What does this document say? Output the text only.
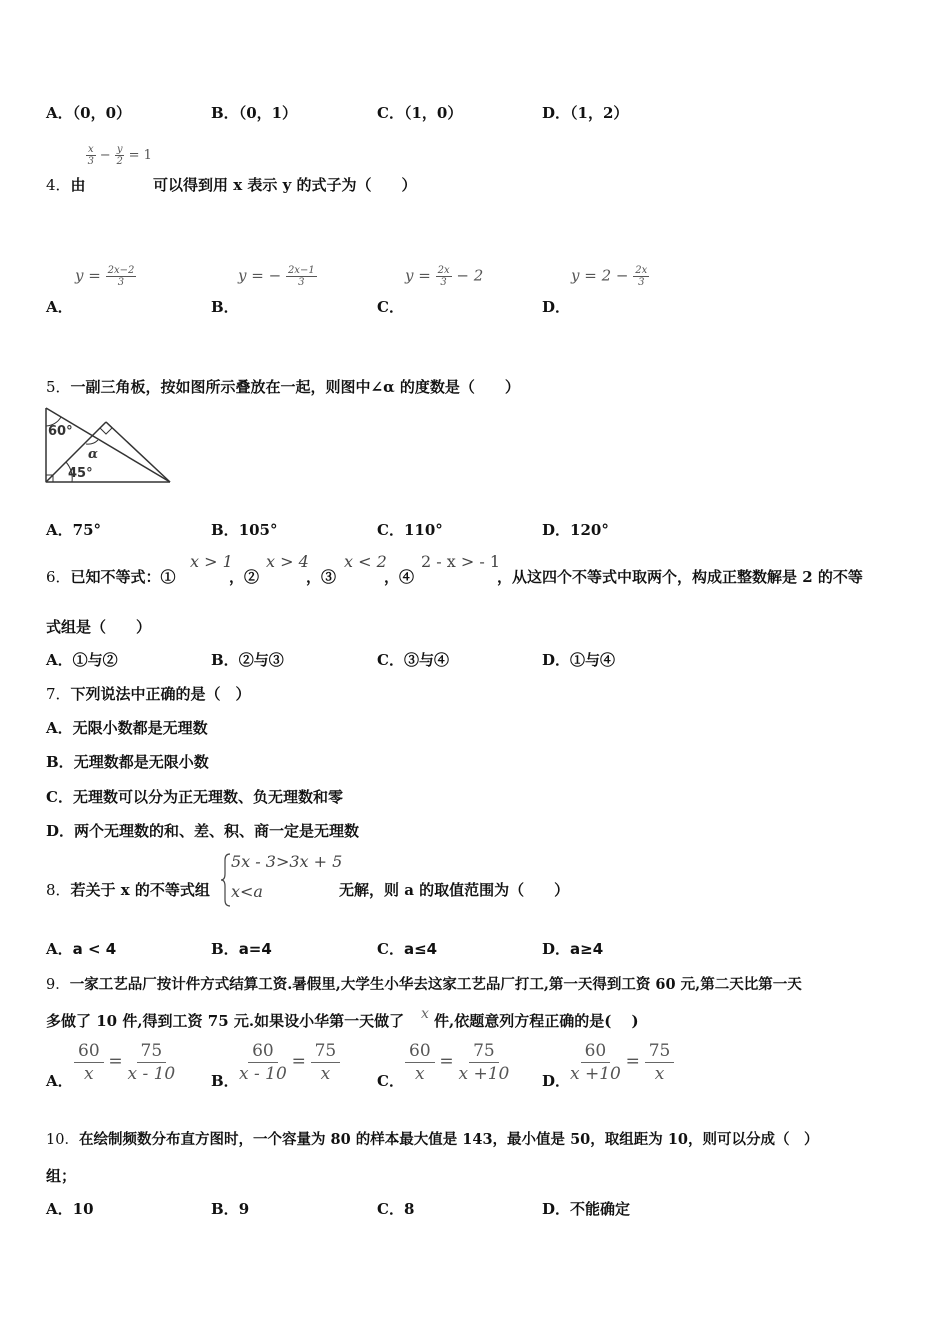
A．（0，0）	B．（0，1）	C．（1，0）	D．（1，2）
$\frac{x}{3} - \frac{y}{2} = 1$
4．由	可以得到用 x 表示 y 的式子为（　　）
$y = \frac{2x-2}{3}$
A．
y = − $\frac{2x-1}{3}$
B．
$y = \frac{2x}{3} - 2$
C．
$y = 2 - \frac{2x}{3}$
D．
5．一副三角板，按如图所示叠放在一起，则图中∠α 的度数是（　　）
60°
45°
α
A．75°	B．105°	C．110°	D．120°
6．已知不等式：①
x > 1
，②
x > 4
，③
x < 2
，④
2 - x > - 1
，从这四个不等式中取两个，构成正整数解是 2 的不等
式组是（　　）
A．①与②	B．②与③	C．③与④	D．①与④
7．下列说法中正确的是（　）
A．无限小数都是无理数
B．无理数都是无限小数
C．无理数可以分为正无理数、负无理数和零
D．两个无理数的和、差、积、商一定是无理数
8．若关于 x 的不等式组
5x - 3>3x + 5
x<a	无解，则 a 的取值范围为（　　）
A．a < 4	B．a=4	C．a≤4	D．a≥4
9．一家工艺品厂按计件方式结算工资.暑假里,大学生小华去这家工艺品厂打工,第一天得到工资 60 元,第二天比第一天
多做了 10 件,得到工资 75 元.如果设小华第一天做了 x 件,依题意列方程正确的是(　 )
A． $\frac{60}{x} = \frac{75}{x - 10}$ B． $\frac{60}{x - 10} = \frac{75}{x}$ C． $\frac{60}{x} = \frac{75}{x +10}$ D． $\frac{60}{x +10} = \frac{75}{x}$
10．在绘制频数分布直方图时，一个容量为 80 的样本最大值是 143，最小值是 50，取组距为 10，则可以分成（　）
组；
A．10	B．9	C．8	D．不能确定
